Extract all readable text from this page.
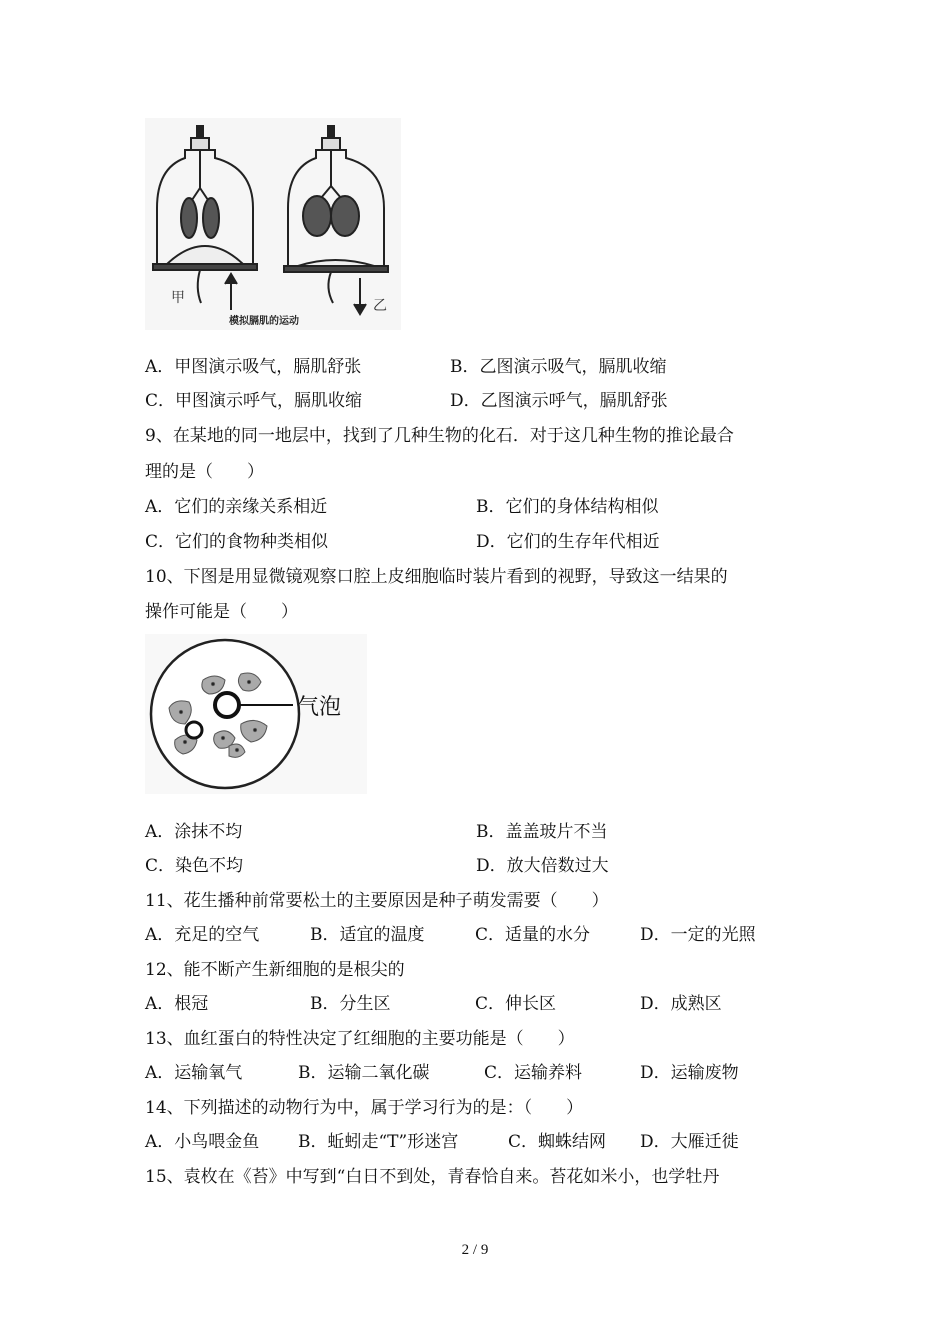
甲	乙
模拟膈肌的运动
A．甲图演示吸气，膈肌舒张	B．乙图演示吸气，膈肌收缩
C．甲图演示呼气，膈肌收缩	D．乙图演示呼气，膈肌舒张
9、在某地的同一地层中，找到了几种生物的化石．对于这几种生物的推论最合
理的是（　　）
A．它们的亲缘关系相近	B．它们的身体结构相似
C．它们的食物种类相似	D．它们的生存年代相近
10、下图是用显微镜观察口腔上皮细胞临时装片看到的视野，导致这一结果的
操作可能是（　　）
气泡
A．涂抹不均	B．盖盖玻片不当
C．染色不均	D．放大倍数过大
11、花生播种前常要松土的主要原因是种子萌发需要（　　）
A．充足的空气	B．适宜的温度	C．适量的水分	D．一定的光照
12、能不断产生新细胞的是根尖的
A．根冠	B．分生区	C．伸长区	D．成熟区
13、血红蛋白的特性决定了红细胞的主要功能是（　　）
A．运输氧气	B．运输二氧化碳	C．运输养料	D．运输废物
14、下列描述的动物行为中，属于学习行为的是：（　　）
A．小鸟喂金鱼 B．蚯蚓走“T”形迷宫	C．蜘蛛结网 D．大雁迁徙
15、袁枚在《苔》中写到“白日不到处，青春恰自来。苔花如米小，也学牡丹
2 / 9
